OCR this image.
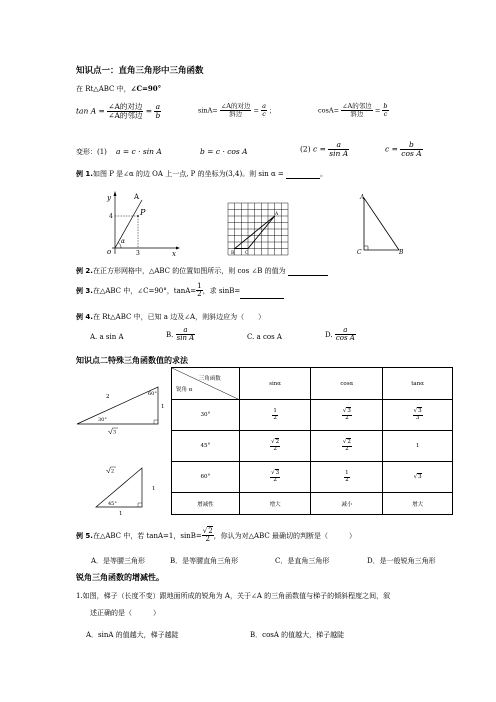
知识点一：直角三角形中三角函数
在 Rt△ABC 中，∠C=90°
$\tan A = \frac{\text{∠A的对边}}{\text{∠A的邻边}} = \frac{a}{b}$	$\sin A= \frac{\text{∠A的对边}}{\text{斜边}} = \frac{a}{c}$ ；	$\cos A= \frac{\text{∠A的邻边}}{\text{斜边}} = \frac{b}{c}$
变形：(1) a = c · sin A	b = c · cos A	(2) $c = \frac{a}{\text{sin A}}$	$c = \frac{b}{\text{cos A}}$
例 1.如图 P 是∠α 的边 OA 上一点, P 的坐标为(3,4)。则 sin α =	。
y
x
o
A
P
α
4
3	B C
A
A
C	B
例 2.在正方形网格中，△ABC 的位置如图所示，则 cos ∠B 的值为
例 3.在△ABC 中，∠C=90°，$\tan A= \frac{1}{2}$ ，求 sinB=
例 4.在 Rt△ABC 中，已知 a 边及∠A，则斜边应为（　　）
A. a sin A	B. $\frac{a}{\text{sin A}}$	C. a cos A	D. $\frac{a}{\text{cos A}}$
知识点二特殊三角函数值的求法
2	60°
30°
1
3
2
1
1
45°
三角函数
锐角 α	sinα	cosα	tanα
30°	$\frac{1}{2}$	$\frac{√3}{2}$	$\frac{√3}{3}$

45°	$\frac{√2}{2}$	$\frac{√2}{2}$	1
60°	$\frac{√3}{2}$	$\frac{1}{2}$	√3
增减性	增大	减小	增大
例 5.在△ABC 中，若 tanA=1，$\sin B= \frac{√2}{2}$ ，你认为对△ABC 最确切的判断是（　　　）
A．是等腰三角形	B．是等腰直角三角形	C．是直角三角形	D．是一般锐角三角形
锐角三角函数的增减性。
1.如图，梯子（长度不变）跟地面所成的锐角为 A，关于∠A 的三角函数值与梯子的倾斜程度之间，叙
述正确的是（　　　）
A．sinA 的值越大，梯子越陡	B．cosA 的值越大，梯子越陡
